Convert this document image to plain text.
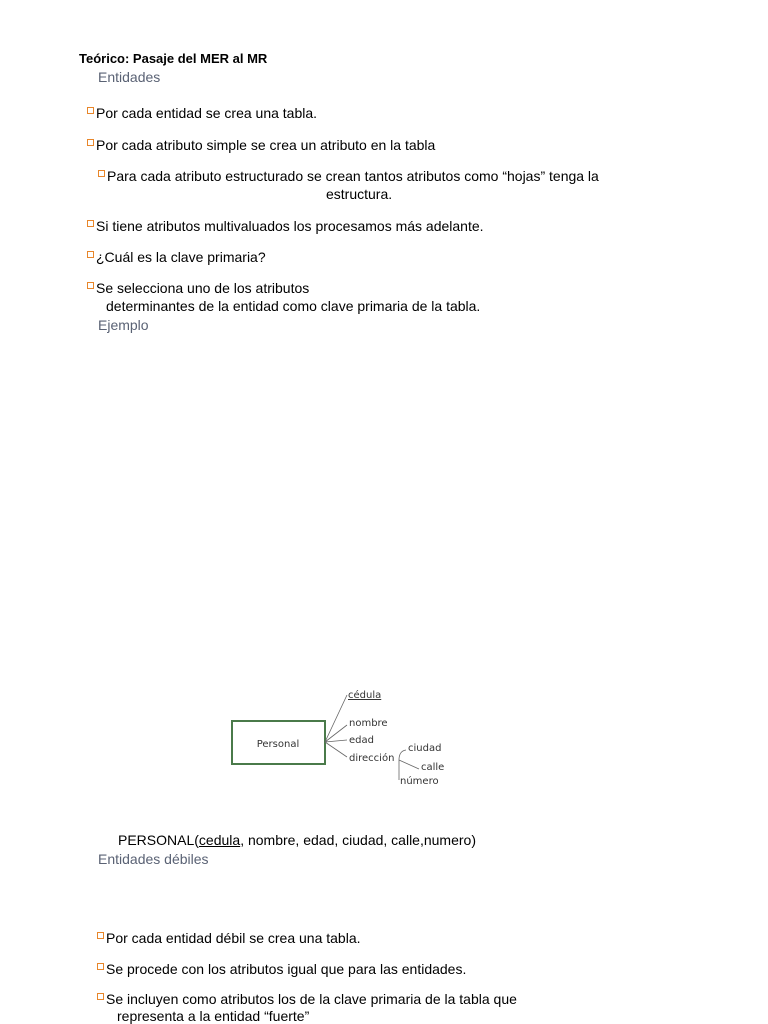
Teórico: Pasaje del MER al MR
Entidades
Por cada entidad se crea una tabla.
Por cada atributo simple se crea un atributo en la tabla
Para cada atributo estructurado se crean tantos atributos como “hojas” tenga la
estructura.
Si tiene atributos multivaluados los procesamos más adelante.
¿Cuál es la clave primaria?
Se selecciona uno de los atributos
determinantes de la entidad como clave primaria de la tabla.
Ejemplo
Personal
cédula
nombre
edad
dirección
ciudad
calle
número
PERSONAL(cedula, nombre, edad, ciudad, calle,numero)
Entidades débiles
Por cada entidad débil se crea una tabla.
Se procede con los atributos igual que para las entidades.
Se incluyen como atributos los de la clave primaria de la tabla que
representa a la entidad “fuerte”
